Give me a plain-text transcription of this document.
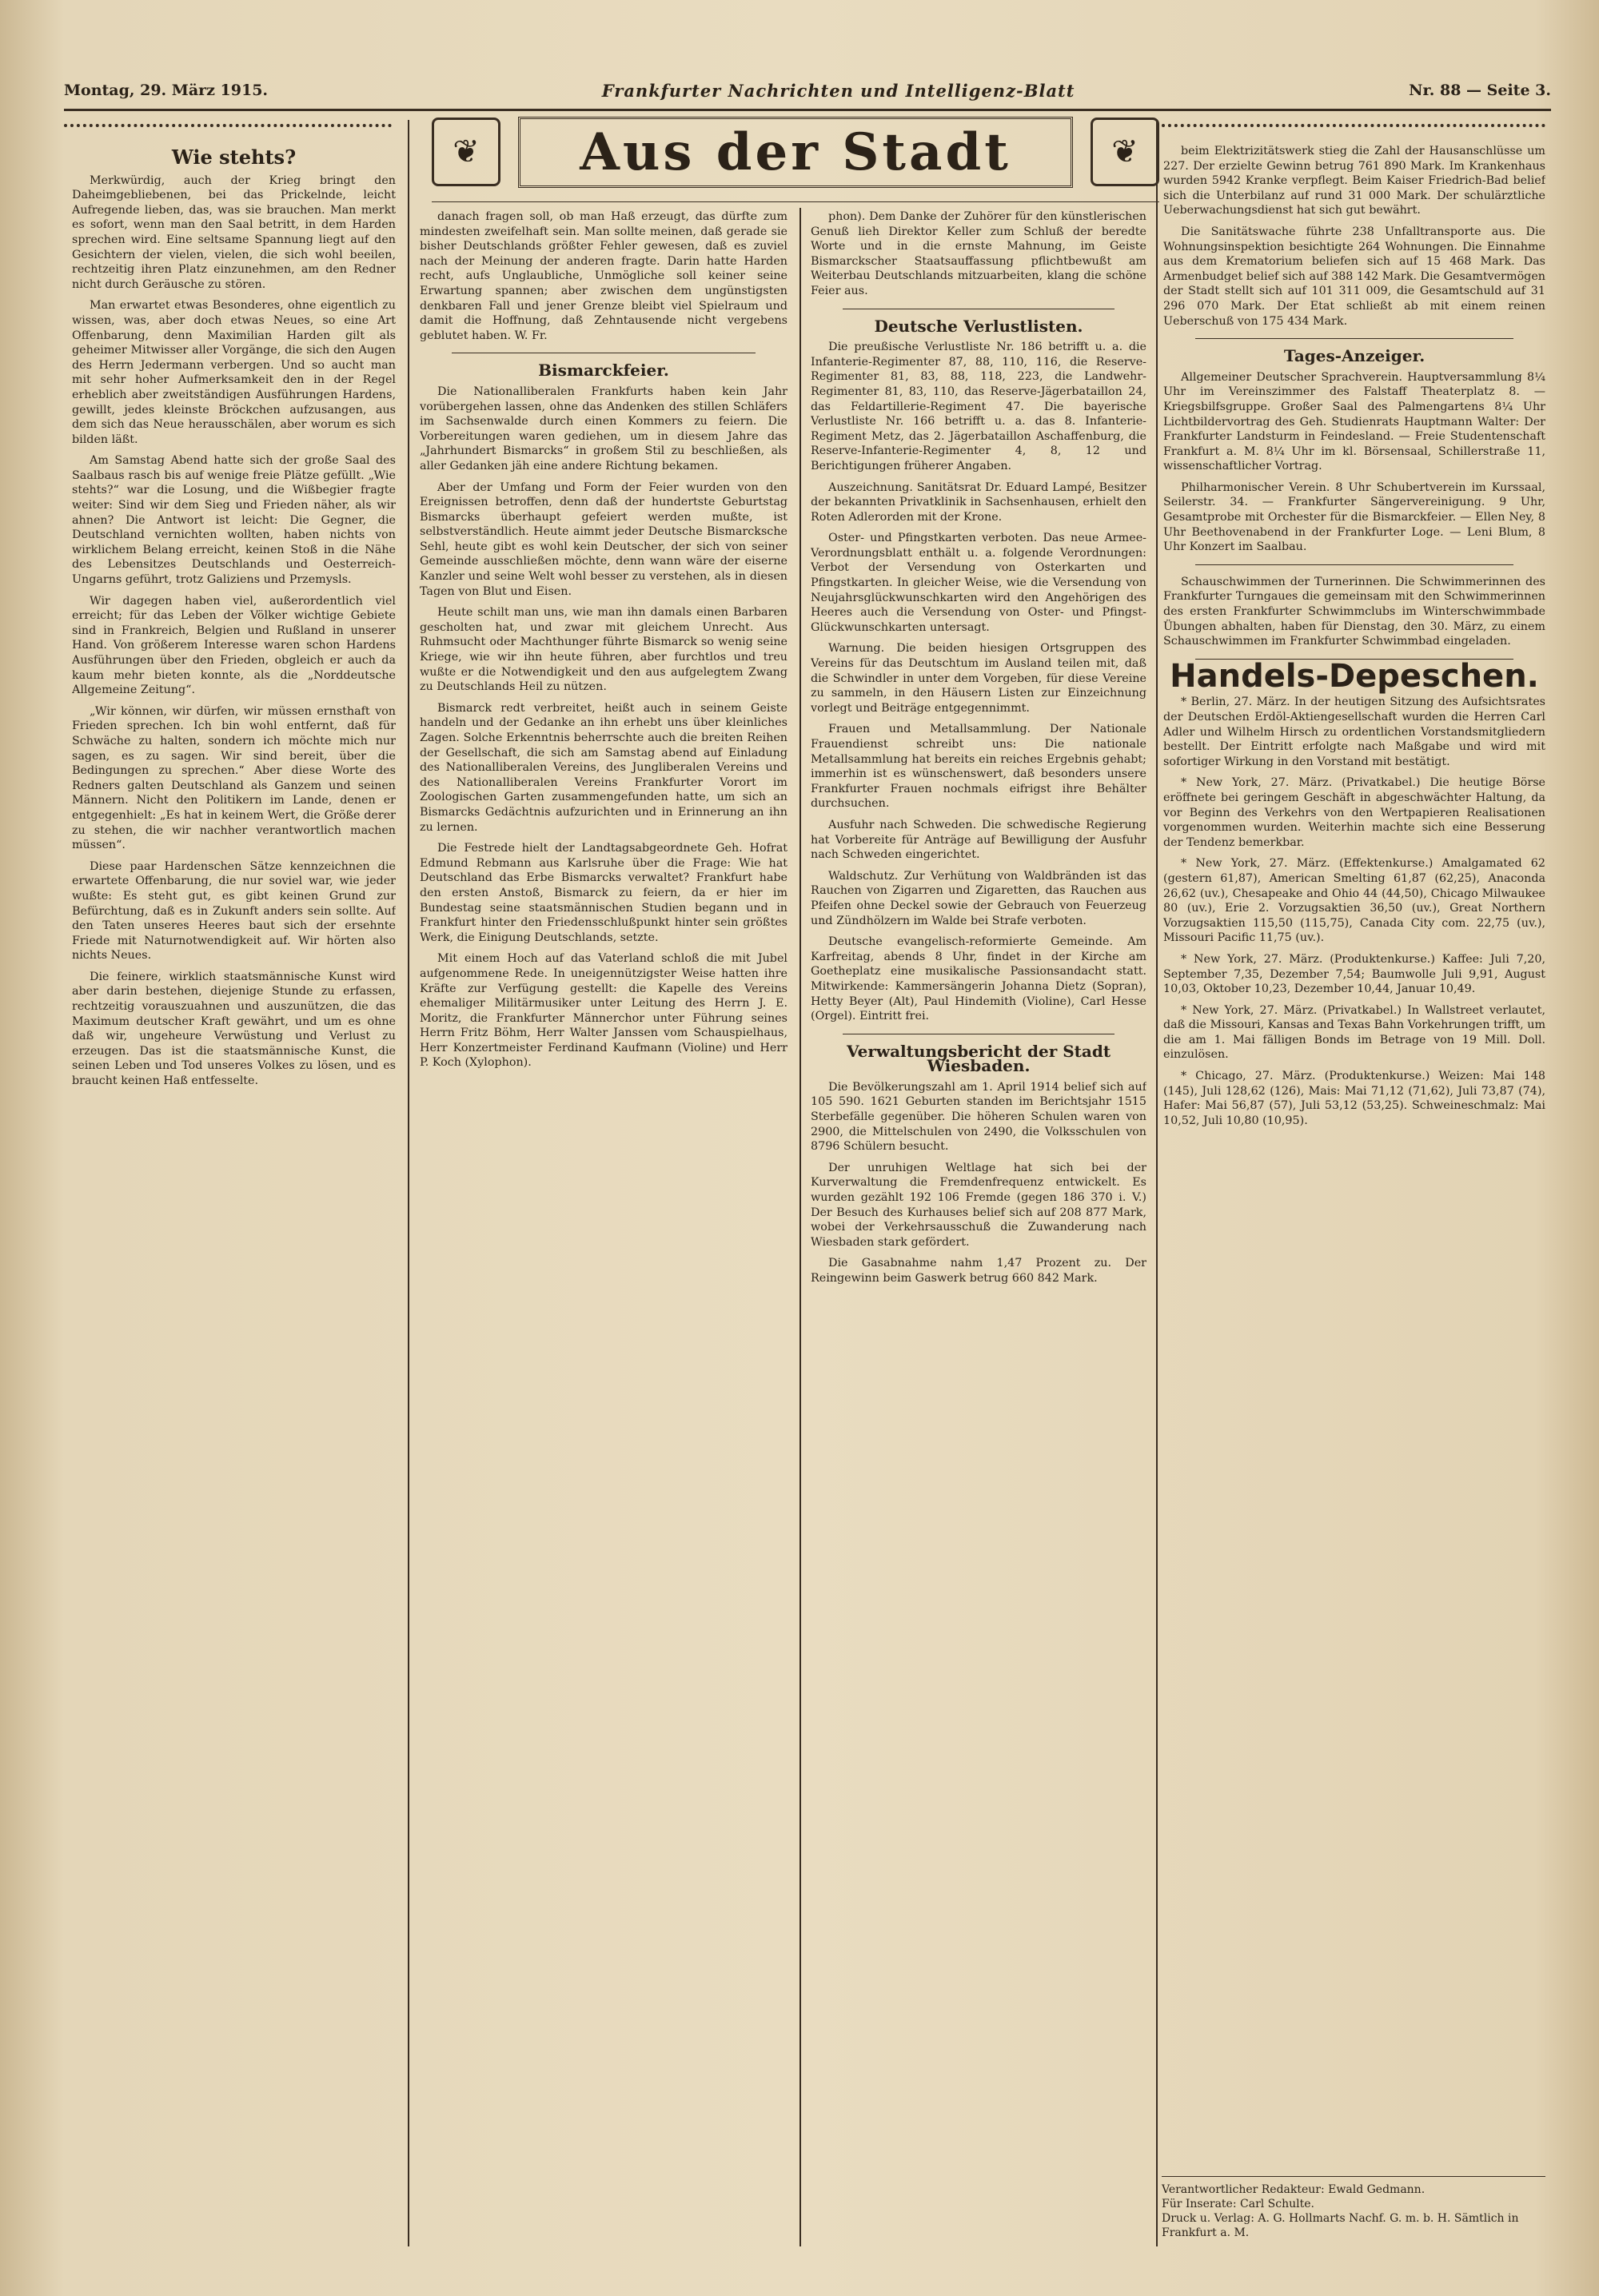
Montag, 29. März 1915.	Frankfurter Nachrichten und Intelligenz-Blatt	Nr. 88 — Seite 3.
❦	Aus der Stadt	❦
Wie stehts?

Merkwürdig, auch der Krieg bringt den Daheimgebliebenen, bei das Prickelnde, leicht Aufregende lieben, das, was sie brauchen. Man merkt es sofort, wenn man den Saal betritt, in dem Harden sprechen wird. Eine seltsame Spannung liegt auf den Gesichtern der vielen, vielen, die sich wohl beeilen, rechtzeitig ihren Platz einzunehmen, am den Redner nicht durch Geräusche zu stören.

Man erwartet etwas Besonderes, ohne eigentlich zu wissen, was, aber doch etwas Neues, so eine Art Offenbarung, denn Maximilian Harden gilt als geheimer Mitwisser aller Vorgänge, die sich den Augen des Herrn Jedermann verbergen. Und so aucht man mit sehr hoher Aufmerksamkeit den in der Regel erheblich aber zweitständigen Ausführungen Hardens, gewillt, jedes kleinste Bröckchen aufzusangen, aus dem sich das Neue herausschälen, aber worum es sich bilden läßt.

Am Samstag Abend hatte sich der große Saal des Saalbaus rasch bis auf wenige freie Plätze gefüllt. „Wie stehts?“ war die Losung, und die Wißbegier fragte weiter: Sind wir dem Sieg und Frieden näher, als wir ahnen? Die Antwort ist leicht: Die Gegner, die Deutschland vernichten wollten, haben nichts von wirklichem Belang erreicht, keinen Stoß in die Nähe des Lebensitzes Deutschlands und Oesterreich-Ungarns geführt, trotz Galiziens und Przemysls.

Wir dagegen haben viel, außerordentlich viel erreicht; für das Leben der Völker wichtige Gebiete sind in Frankreich, Belgien und Rußland in unserer Hand. Von größerem Interesse waren schon Hardens Ausführungen über den Frieden, obgleich er auch da kaum mehr bieten konnte, als die „Norddeutsche Allgemeine Zeitung“.

„Wir können, wir dürfen, wir müssen ernsthaft von Frieden sprechen. Ich bin wohl entfernt, daß für Schwäche zu halten, sondern ich möchte mich nur sagen, es zu sagen. Wir sind bereit, über die Bedingungen zu sprechen.“ Aber diese Worte des Redners galten Deutschland als Ganzem und seinen Männern. Nicht den Politikern im Lande, denen er entgegenhielt: „Es hat in keinem Wert, die Größe derer zu stehen, die wir nachher verantwortlich machen müssen“.

Diese paar Hardenschen Sätze kennzeichnen die erwartete Offenbarung, die nur soviel war, wie jeder wußte: Es steht gut, es gibt keinen Grund zur Befürchtung, daß es in Zukunft anders sein sollte. Auf den Taten unseres Heeres baut sich der ersehnte Friede mit Naturnotwendigkeit auf. Wir hörten also nichts Neues.

Die feinere, wirklich staatsmännische Kunst wird aber darin bestehen, diejenige Stunde zu erfassen, rechtzeitig vorauszuahnen und auszunützen, die das Maximum deutscher Kraft gewährt, und um es ohne daß wir, ungeheure Verwüstung und Verlust zu erzeugen. Das ist die staatsmännische Kunst, die seinen Leben und Tod unseres Volkes zu lösen, und es braucht keinen Haß entfesselte.

danach fragen soll, ob man Haß erzeugt, das dürfte zum mindesten zweifelhaft sein. Man sollte meinen, daß gerade sie bisher Deutschlands größter Fehler gewesen, daß es zuviel nach der Meinung der anderen fragte. Darin hatte Harden recht, aufs Unglaubliche, Unmögliche soll keiner seine Erwartung spannen; aber zwischen dem ungünstigsten denkbaren Fall und jener Grenze bleibt viel Spielraum und damit die Hoffnung, daß Zehntausende nicht vergebens geblutet haben. W. Fr.

Bismarckfeier.

Die Nationalliberalen Frankfurts haben kein Jahr vorübergehen lassen, ohne das Andenken des stillen Schläfers im Sachsenwalde durch einen Kommers zu feiern. Die Vorbereitungen waren gediehen, um in diesem Jahre das „Jahrhundert Bismarcks“ in großem Stil zu beschließen, als aller Gedanken jäh eine andere Richtung bekamen.

Aber der Umfang und Form der Feier wurden von den Ereignissen betroffen, denn daß der hundertste Geburtstag Bismarcks überhaupt gefeiert werden mußte, ist selbstverständlich. Heute aimmt jeder Deutsche Bismarcksche Sehl, heute gibt es wohl kein Deutscher, der sich von seiner Gemeinde ausschließen möchte, denn wann wäre der eiserne Kanzler und seine Welt wohl besser zu verstehen, als in diesen Tagen von Blut und Eisen.

Heute schilt man uns, wie man ihn damals einen Barbaren gescholten hat, und zwar mit gleichem Unrecht. Aus Ruhmsucht oder Machthunger führte Bismarck so wenig seine Kriege, wie wir ihn heute führen, aber furchtlos und treu wußte er die Notwendigkeit und den aus aufgelegtem Zwang zu Deutschlands Heil zu nützen.

Bismarck redt verbreitet, heißt auch in seinem Geiste handeln und der Gedanke an ihn erhebt uns über kleinliches Zagen. Solche Erkenntnis beherrschte auch die breiten Reihen der Gesellschaft, die sich am Samstag abend auf Einladung des Nationalliberalen Vereins, des Jungliberalen Vereins und des Nationalliberalen Vereins Frankfurter Vorort im Zoologischen Garten zusammengefunden hatte, um sich an Bismarcks Gedächtnis aufzurichten und in Erinnerung an ihn zu lernen.

Die Festrede hielt der Landtagsabgeordnete Geh. Hofrat Edmund Rebmann aus Karlsruhe über die Frage: Wie hat Deutschland das Erbe Bismarcks verwaltet? Frankfurt habe den ersten Anstoß, Bismarck zu feiern, da er hier im Bundestag seine staatsmännischen Studien begann und in Frankfurt hinter den Friedensschlußpunkt hinter sein größtes Werk, die Einigung Deutschlands, setzte.

Mit einem Hoch auf das Vaterland schloß die mit Jubel aufgenommene Rede. In uneigennützigster Weise hatten ihre Kräfte zur Verfügung gestellt: die Kapelle des Vereins ehemaliger Militärmusiker unter Leitung des Herrn J. E. Moritz, die Frankfurter Männerchor unter Führung seines Herrn Fritz Böhm, Herr Walter Janssen vom Schauspielhaus, Herr Konzertmeister Ferdinand Kaufmann (Violine) und Herr P. Koch (Xylophon).

phon). Dem Danke der Zuhörer für den künstlerischen Genuß lieh Direktor Keller zum Schluß der beredte Worte und in die ernste Mahnung, im Geiste Bismarckscher Staatsauffassung pflichtbewußt am Weiterbau Deutschlands mitzuarbeiten, klang die schöne Feier aus.

Deutsche Verlustlisten.

Die preußische Verlustliste Nr. 186 betrifft u. a. die Infanterie-Regimenter 87, 88, 110, 116, die Reserve-Regimenter 81, 83, 88, 118, 223, die Landwehr-Regimenter 81, 83, 110, das Reserve-Jägerbataillon 24, das Feldartillerie-Regiment 47. Die bayerische Verlustliste Nr. 166 betrifft u. a. das 8. Infanterie-Regiment Metz, das 2. Jägerbataillon Aschaffenburg, die Reserve-Infanterie-Regimenter 4, 8, 12 und Berichtigungen früherer Angaben.

Auszeichnung. Sanitätsrat Dr. Eduard Lampé, Besitzer der bekannten Privatklinik in Sachsenhausen, erhielt den Roten Adlerorden mit der Krone.

Oster- und Pfingstkarten verboten. Das neue Armee-Verordnungsblatt enthält u. a. folgende Verordnungen: Verbot der Versendung von Osterkarten und Pfingstkarten. In gleicher Weise, wie die Versendung von Neujahrsglückwunschkarten wird den Angehörigen des Heeres auch die Versendung von Oster- und Pfingst-Glückwunschkarten untersagt.

Warnung. Die beiden hiesigen Ortsgruppen des Vereins für das Deutschtum im Ausland teilen mit, daß die Schwindler in unter dem Vorgeben, für diese Vereine zu sammeln, in den Häusern Listen zur Einzeichnung vorlegt und Beiträge entgegennimmt.

Frauen und Metallsammlung. Der Nationale Frauendienst schreibt uns: Die nationale Metallsammlung hat bereits ein reiches Ergebnis gehabt; immerhin ist es wünschenswert, daß besonders unsere Frankfurter Frauen nochmals eifrigst ihre Behälter durchsuchen.

Ausfuhr nach Schweden. Die schwedische Regierung hat Vorbereite für Anträge auf Bewilligung der Ausfuhr nach Schweden eingerichtet.

Waldschutz. Zur Verhütung von Waldbränden ist das Rauchen von Zigarren und Zigaretten, das Rauchen aus Pfeifen ohne Deckel sowie der Gebrauch von Feuerzeug und Zündhölzern im Walde bei Strafe verboten.

Deutsche evangelisch-reformierte Gemeinde. Am Karfreitag, abends 8 Uhr, findet in der Kirche am Goetheplatz eine musikalische Passionsandacht statt. Mitwirkende: Kammersängerin Johanna Dietz (Sopran), Hetty Beyer (Alt), Paul Hindemith (Violine), Carl Hesse (Orgel). Eintritt frei.

Verwaltungsbericht der Stadt Wiesbaden.

Die Bevölkerungszahl am 1. April 1914 belief sich auf 105 590. 1621 Geburten standen im Berichtsjahr 1515 Sterbefälle gegenüber. Die höheren Schulen waren von 2900, die Mittelschulen von 2490, die Volksschulen von 8796 Schülern besucht.

Der unruhigen Weltlage hat sich bei der Kurverwaltung die Fremdenfrequenz entwickelt. Es wurden gezählt 192 106 Fremde (gegen 186 370 i. V.) Der Besuch des Kurhauses belief sich auf 208 877 Mark, wobei der Verkehrsausschuß die Zuwanderung nach Wiesbaden stark gefördert.

Die Gasabnahme nahm 1,47 Prozent zu. Der Reingewinn beim Gaswerk betrug 660 842 Mark.

beim Elektrizitätswerk stieg die Zahl der Hausanschlüsse um 227. Der erzielte Gewinn betrug 761 890 Mark. Im Krankenhaus wurden 5942 Kranke verpflegt. Beim Kaiser Friedrich-Bad belief sich die Unterbilanz auf rund 31 000 Mark. Der schulärztliche Ueberwachungsdienst hat sich gut bewährt.

Die Sanitätswache führte 238 Unfalltransporte aus. Die Wohnungsinspektion besichtigte 264 Wohnungen. Die Einnahme aus dem Krematorium beliefen sich auf 15 468 Mark. Das Armenbudget belief sich auf 388 142 Mark. Die Gesamtvermögen der Stadt stellt sich auf 101 311 009, die Gesamtschuld auf 31 296 070 Mark. Der Etat schließt ab mit einem reinen Ueberschuß von 175 434 Mark.

Tages-Anzeiger.

Allgemeiner Deutscher Sprachverein. Hauptversammlung 8¼ Uhr im Vereinszimmer des Falstaff Theaterplatz 8. — Kriegsbilfsgruppe. Großer Saal des Palmengartens 8¼ Uhr Lichtbildervortrag des Geh. Studienrats Hauptmann Walter: Der Frankfurter Landsturm in Feindesland. — Freie Studentenschaft Frankfurt a. M. 8¼ Uhr im kl. Börsensaal, Schillerstraße 11, wissenschaftlicher Vortrag.

Philharmonischer Verein. 8 Uhr Schubertverein im Kurssaal, Seilerstr. 34. — Frankfurter Sängervereinigung. 9 Uhr, Gesamtprobe mit Orchester für die Bismarckfeier. — Ellen Ney, 8 Uhr Beethovenabend in der Frankfurter Loge. — Leni Blum, 8 Uhr Konzert im Saalbau.

Schauschwimmen der Turnerinnen. Die Schwimmerinnen des Frankfurter Turngaues die gemeinsam mit den Schwimmerinnen des ersten Frankfurter Schwimmclubs im Winterschwimmbade Übungen abhalten, haben für Dienstag, den 30. März, zu einem Schauschwimmen im Frankfurter Schwimmbad eingeladen.

Handels-Depeschen.

* Berlin, 27. März. In der heutigen Sitzung des Aufsichtsrates der Deutschen Erdöl-Aktiengesellschaft wurden die Herren Carl Adler und Wilhelm Hirsch zu ordentlichen Vorstandsmitgliedern bestellt. Der Eintritt erfolgte nach Maßgabe und wird mit sofortiger Wirkung in den Vorstand mit bestätigt.

* New York, 27. März. (Privatkabel.) Die heutige Börse eröffnete bei geringem Geschäft in abgeschwächter Haltung, da vor Beginn des Verkehrs von den Wertpapieren Realisationen vorgenommen wurden. Weiterhin machte sich eine Besserung der Tendenz bemerkbar.

* New York, 27. März. (Effektenkurse.) Amalgamated 62 (gestern 61,87), American Smelting 61,87 (62,25), Anaconda 26,62 (uv.), Chesapeake and Ohio 44 (44,50), Chicago Milwaukee 80 (uv.), Erie 2. Vorzugsaktien 36,50 (uv.), Great Northern Vorzugsaktien 115,50 (115,75), Canada City com. 22,75 (uv.), Missouri Pacific 11,75 (uv.).

* New York, 27. März. (Produktenkurse.) Kaffee: Juli 7,20, September 7,35, Dezember 7,54; Baumwolle Juli 9,91, August 10,03, Oktober 10,23, Dezember 10,44, Januar 10,49.

* New York, 27. März. (Privatkabel.) In Wallstreet verlautet, daß die Missouri, Kansas and Texas Bahn Vorkehrungen trifft, um die am 1. Mai fälligen Bonds im Betrage von 19 Mill. Doll. einzulösen.

* Chicago, 27. März. (Produktenkurse.) Weizen: Mai 148 (145), Juli 128,62 (126), Mais: Mai 71,12 (71,62), Juli 73,87 (74), Hafer: Mai 56,87 (57), Juli 53,12 (53,25). Schweineschmalz: Mai 10,52, Juli 10,80 (10,95).

Verantwortlicher Redakteur: Ewald Gedmann.
Für Inserate: Carl Schulte.
Druck u. Verlag: A. G. Hollmarts Nachf. G. m. b. H. Sämtlich in Frankfurt a. M.
